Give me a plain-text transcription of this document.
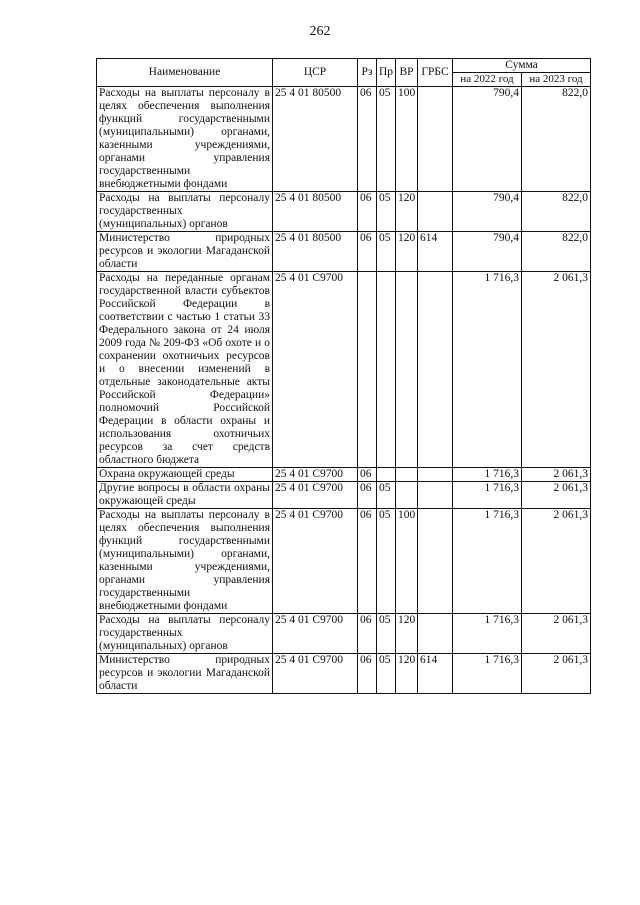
262
Наименование	ЦСР	Рз	Пр	ВР	ГРБС	Сумма	
						на 2022 год	на 2023 год
Расходы на выплаты персоналу в целях обеспечения выполнения функций государственными (муниципальными) органами, казенными учреждениями, органами управления государственными внебюджетными фондами	25 4 01 80500	06	05	100		790,4	822,0
Расходы на выплаты персоналу государственных (муниципальных) органов	25 4 01 80500	06	05	120		790,4	822,0
Министерство природных ресурсов и экологии Магаданской области	25 4 01 80500	06	05	120	614	790,4	822,0
Расходы на переданные органам государственной власти субъектов Российской Федерации в соответствии с частью 1 статьи 33 Федерального закона от 24 июля 2009 года № 209-ФЗ «Об охоте и о сохранении охотничьих ресурсов и о внесении изменений в отдельные законодательные акты Российской Федерации» полномочий Российской Федерации в области охраны и использования охотничьих ресурсов за счет средств областного бюджета	25 4 01 С9700					1 716,3	2 061,3
Охрана окружающей среды	25 4 01 С9700	06				1 716,3	2 061,3
Другие вопросы в области охраны окружающей среды	25 4 01 С9700	06	05			1 716,3	2 061,3
Расходы на выплаты персоналу в целях обеспечения выполнения функций государственными (муниципальными) органами, казенными учреждениями, органами управления государственными внебюджетными фондами	25 4 01 С9700	06	05	100		1 716,3	2 061,3
Расходы на выплаты персоналу государственных (муниципальных) органов	25 4 01 С9700	06	05	120		1 716,3	2 061,3
Министерство природных ресурсов и экологии Магаданской области	25 4 01 С9700	06	05	120	614	1 716,3	2 061,3
